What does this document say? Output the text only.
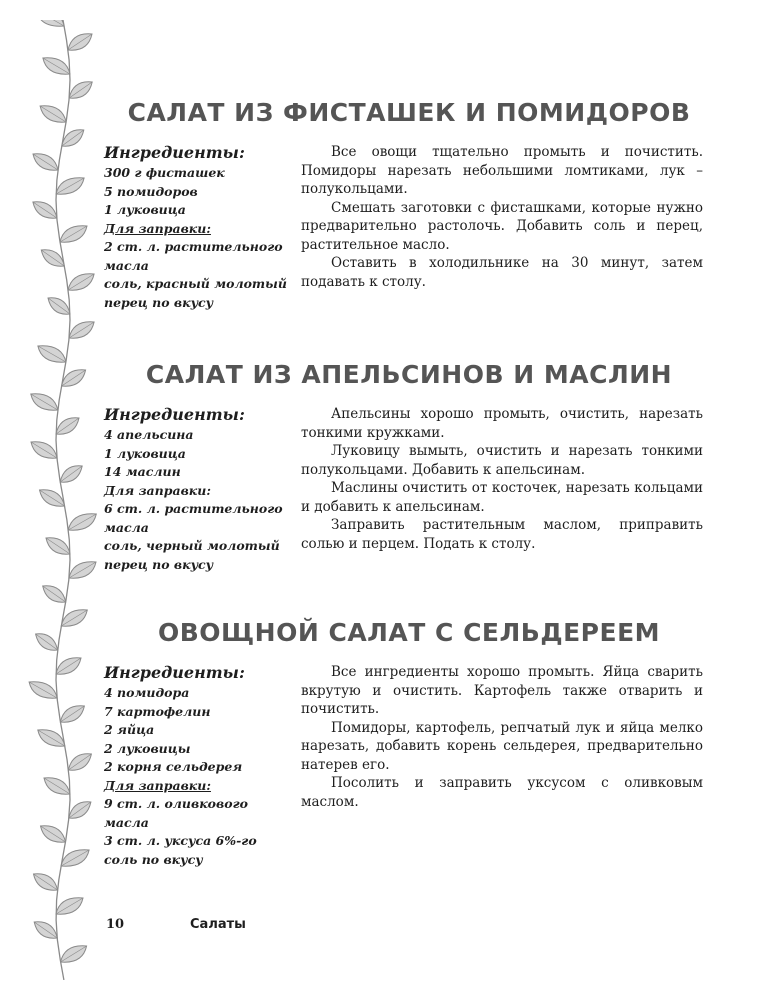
САЛАТ ИЗ ФИСТАШЕК И ПОМИДОРОВ
Ингредиенты:
300 г фисташек
5 помидоров
1 луковица
Для заправки:
2 ст. л. растительного
масла
соль, красный молотый
перец по вкусу

Все овощи тщательно промыть и почистить. Помидоры нарезать небольшими ломтиками, лук – полукольцами.

Смешать заготовки с фисташками, которые нужно предварительно растолочь. Добавить соль и перец, растительное масло.

Оставить в холодильнике на 30 минут, затем подавать к столу.

САЛАТ ИЗ АПЕЛЬСИНОВ И МАСЛИН
Ингредиенты:
4 апельсина
1 луковица
14 маслин
Для заправки:
6 ст. л. растительного
масла
соль, черный молотый
перец по вкусу

Апельсины хорошо промыть, очистить, нарезать тонкими кружками.

Луковицу вымыть, очистить и нарезать тонкими полукольцами. Добавить к апельсинам.

Маслины очистить от косточек, нарезать кольцами и добавить к апельсинам.

Заправить растительным маслом, приправить солью и перцем. Подать к столу.

ОВОЩНОЙ САЛАТ С СЕЛЬДЕРЕЕМ
Ингредиенты:
4 помидора
7 картофелин
2 яйца
2 луковицы
2 корня сельдерея
Для заправки:
9 ст. л. оливкового масла
3 ст. л. уксуса 6%-го
соль по вкусу

Все ингредиенты хорошо промыть. Яйца сварить вкрутую и очистить. Картофель также отварить и почистить.

Помидоры, картофель, репчатый лук и яйца мелко нарезать, добавить корень сельдерея, предварительно натерев его.

Посолить и заправить уксусом с оливковым маслом.

10	Салаты
